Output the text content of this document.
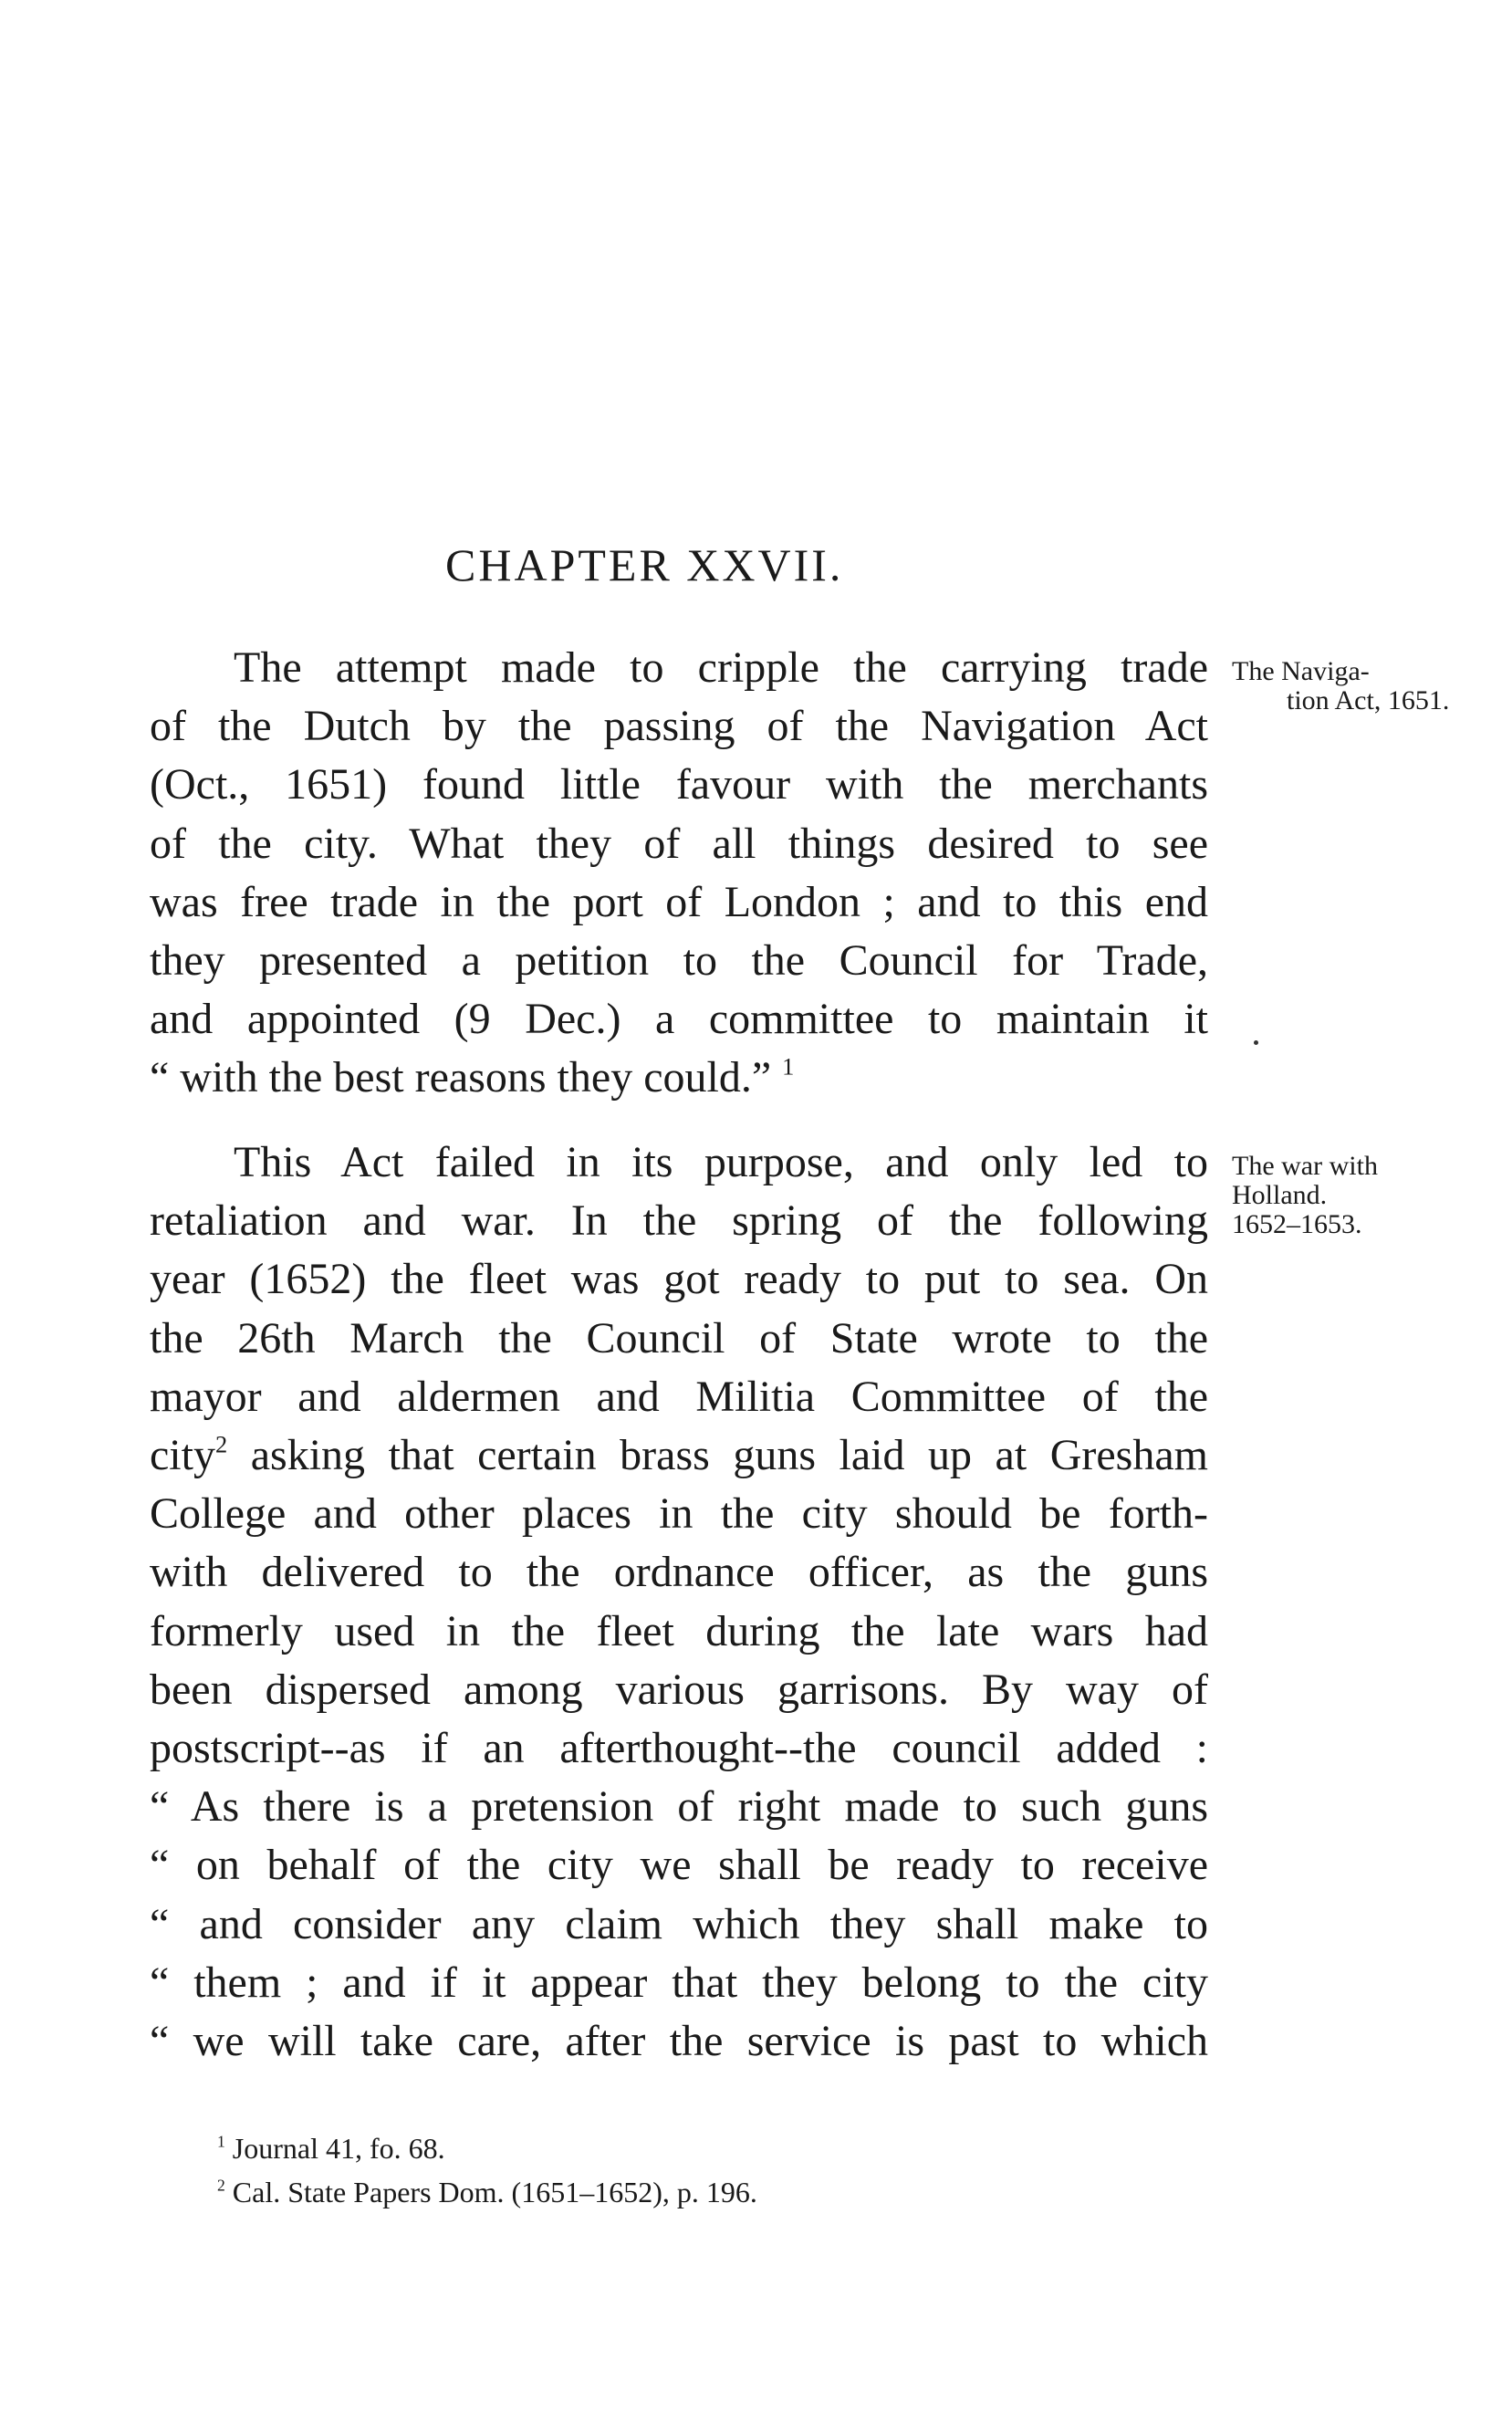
CHAPTER XXVII.
The attempt made to cripple the carrying trade
of the Dutch by the passing of the Navigation Act
(Oct., 1651) found little favour with the merchants
of the city. What they of all things desired to see
was free trade in the port of London ; and to this end
they presented a petition to the Council for Trade,
and appointed (9 Dec.) a committee to maintain it
“ with the best reasons they could.” $^1$
This Act failed in its purpose, and only led to
retaliation and war. In the spring of the following
year (1652) the fleet was got ready to put to sea. On
the 26th March the Council of State wrote to the
mayor and aldermen and Militia Committee of the
city$^2$ asking that certain brass guns laid up at Gresham
College and other places in the city should be forth-
with delivered to the ordnance officer, as the guns
formerly used in the fleet during the late wars had
been dispersed among various garrisons. By way of
postscript--as if an afterthought--the council added :
“ As there is a pretension of right made to such guns
“ on behalf of the city we shall be ready to receive
“ and consider any claim which they shall make to
“ them ; and if it appear that they belong to the city
“ we will take care, after the service is past to which
The Naviga-
tion Act, 1651.
The war with
Holland.
1652–1653.
$^1$ Journal 41, fo. 68.
$^2$ Cal. State Papers Dom. (1651–1652), p. 196.
